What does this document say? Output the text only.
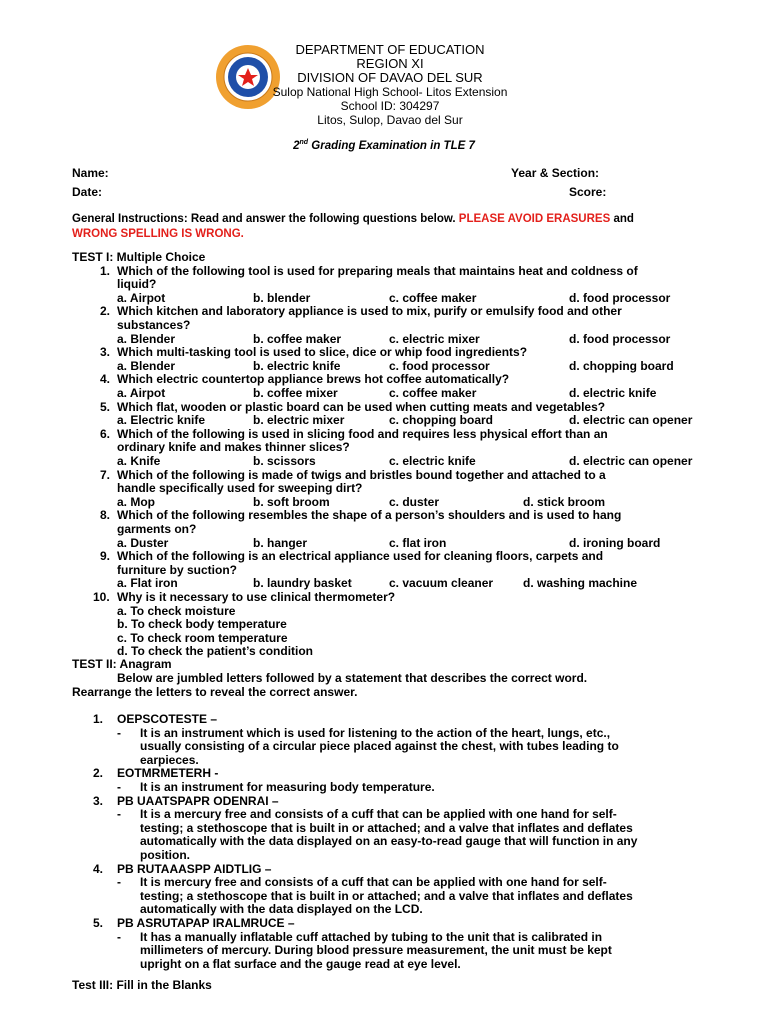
DEPARTMENT OF EDUCATION
REGION XI
DIVISION OF DAVAO DEL SUR
Sulop National High School- Litos Extension
School ID: 304297
Litos, Sulop, Davao del Sur
2nd Grading Examination in TLE 7
Name:
Date:
Year & Section:
Score:
General Instructions: Read and answer the following questions below. PLEASE AVOID ERASURES and
WRONG SPELLING IS WRONG.
TEST I: Multiple Choice
1. Which of the following tool is used for preparing meals that maintains heat and coldness of
liquid?
a. Airpot	b. blender	c. coffee maker	d. food processor
2. Which kitchen and laboratory appliance is used to mix, purify or emulsify food and other
substances?
a. Blender	b. coffee maker	c. electric mixer	d. food processor
3. Which multi-tasking tool is used to slice, dice or whip food ingredients?
a. Blender	b. electric knife	c. food processor	d. chopping board
4. Which electric countertop appliance brews hot coffee automatically?
a. Airpot	b. coffee mixer	c. coffee maker	d. electric knife
5. Which flat, wooden or plastic board can be used when cutting meats and vegetables?
a. Electric knife	b. electric mixer	c. chopping board	d. electric can opener
6. Which of the following is used in slicing food and requires less physical effort than an
ordinary knife and makes thinner slices?
a. Knife	b. scissors	c. electric knife	d. electric can opener
7. Which of the following is made of twigs and bristles bound together and attached to a
handle specifically used for sweeping dirt?
a. Mop	b. soft broom	c. duster	d. stick broom
8. Which of the following resembles the shape of a person’s shoulders and is used to hang
garments on?
a. Duster	b. hanger	c. flat iron	d. ironing board
9. Which of the following is an electrical appliance used for cleaning floors, carpets and
furniture by suction?
a. Flat iron	b. laundry basket	c. vacuum cleaner d. washing machine
10. Why is it necessary to use clinical thermometer?
a. To check moisture
b. To check body temperature
c. To check room temperature
d. To check the patient’s condition
TEST II: Anagram
Below are jumbled letters followed by a statement that describes the correct word.
Rearrange the letters to reveal the correct answer.
1. OEPSCOTESTE –
- It is an instrument which is used for listening to the action of the heart, lungs, etc.,
usually consisting of a circular piece placed against the chest, with tubes leading to
earpieces.
2. EOTMRMETERH -
- It is an instrument for measuring body temperature.
3. PB UAATSPAPR ODENRAI –
- It is a mercury free and consists of a cuff that can be applied with one hand for self-
testing; a stethoscope that is built in or attached; and a valve that inflates and deflates
automatically with the data displayed on an easy-to-read gauge that will function in any
position.
4. PB RUTAAASPP AIDTLIG –
- It is mercury free and consists of a cuff that can be applied with one hand for self-
testing; a stethoscope that is built in or attached; and a valve that inflates and deflates
automatically with the data displayed on the LCD.
5. PB ASRUTAPAP IRALMRUCE –
- It has a manually inflatable cuff attached by tubing to the unit that is calibrated in
millimeters of mercury. During blood pressure measurement, the unit must be kept
upright on a flat surface and the gauge read at eye level.
Test III: Fill in the Blanks
